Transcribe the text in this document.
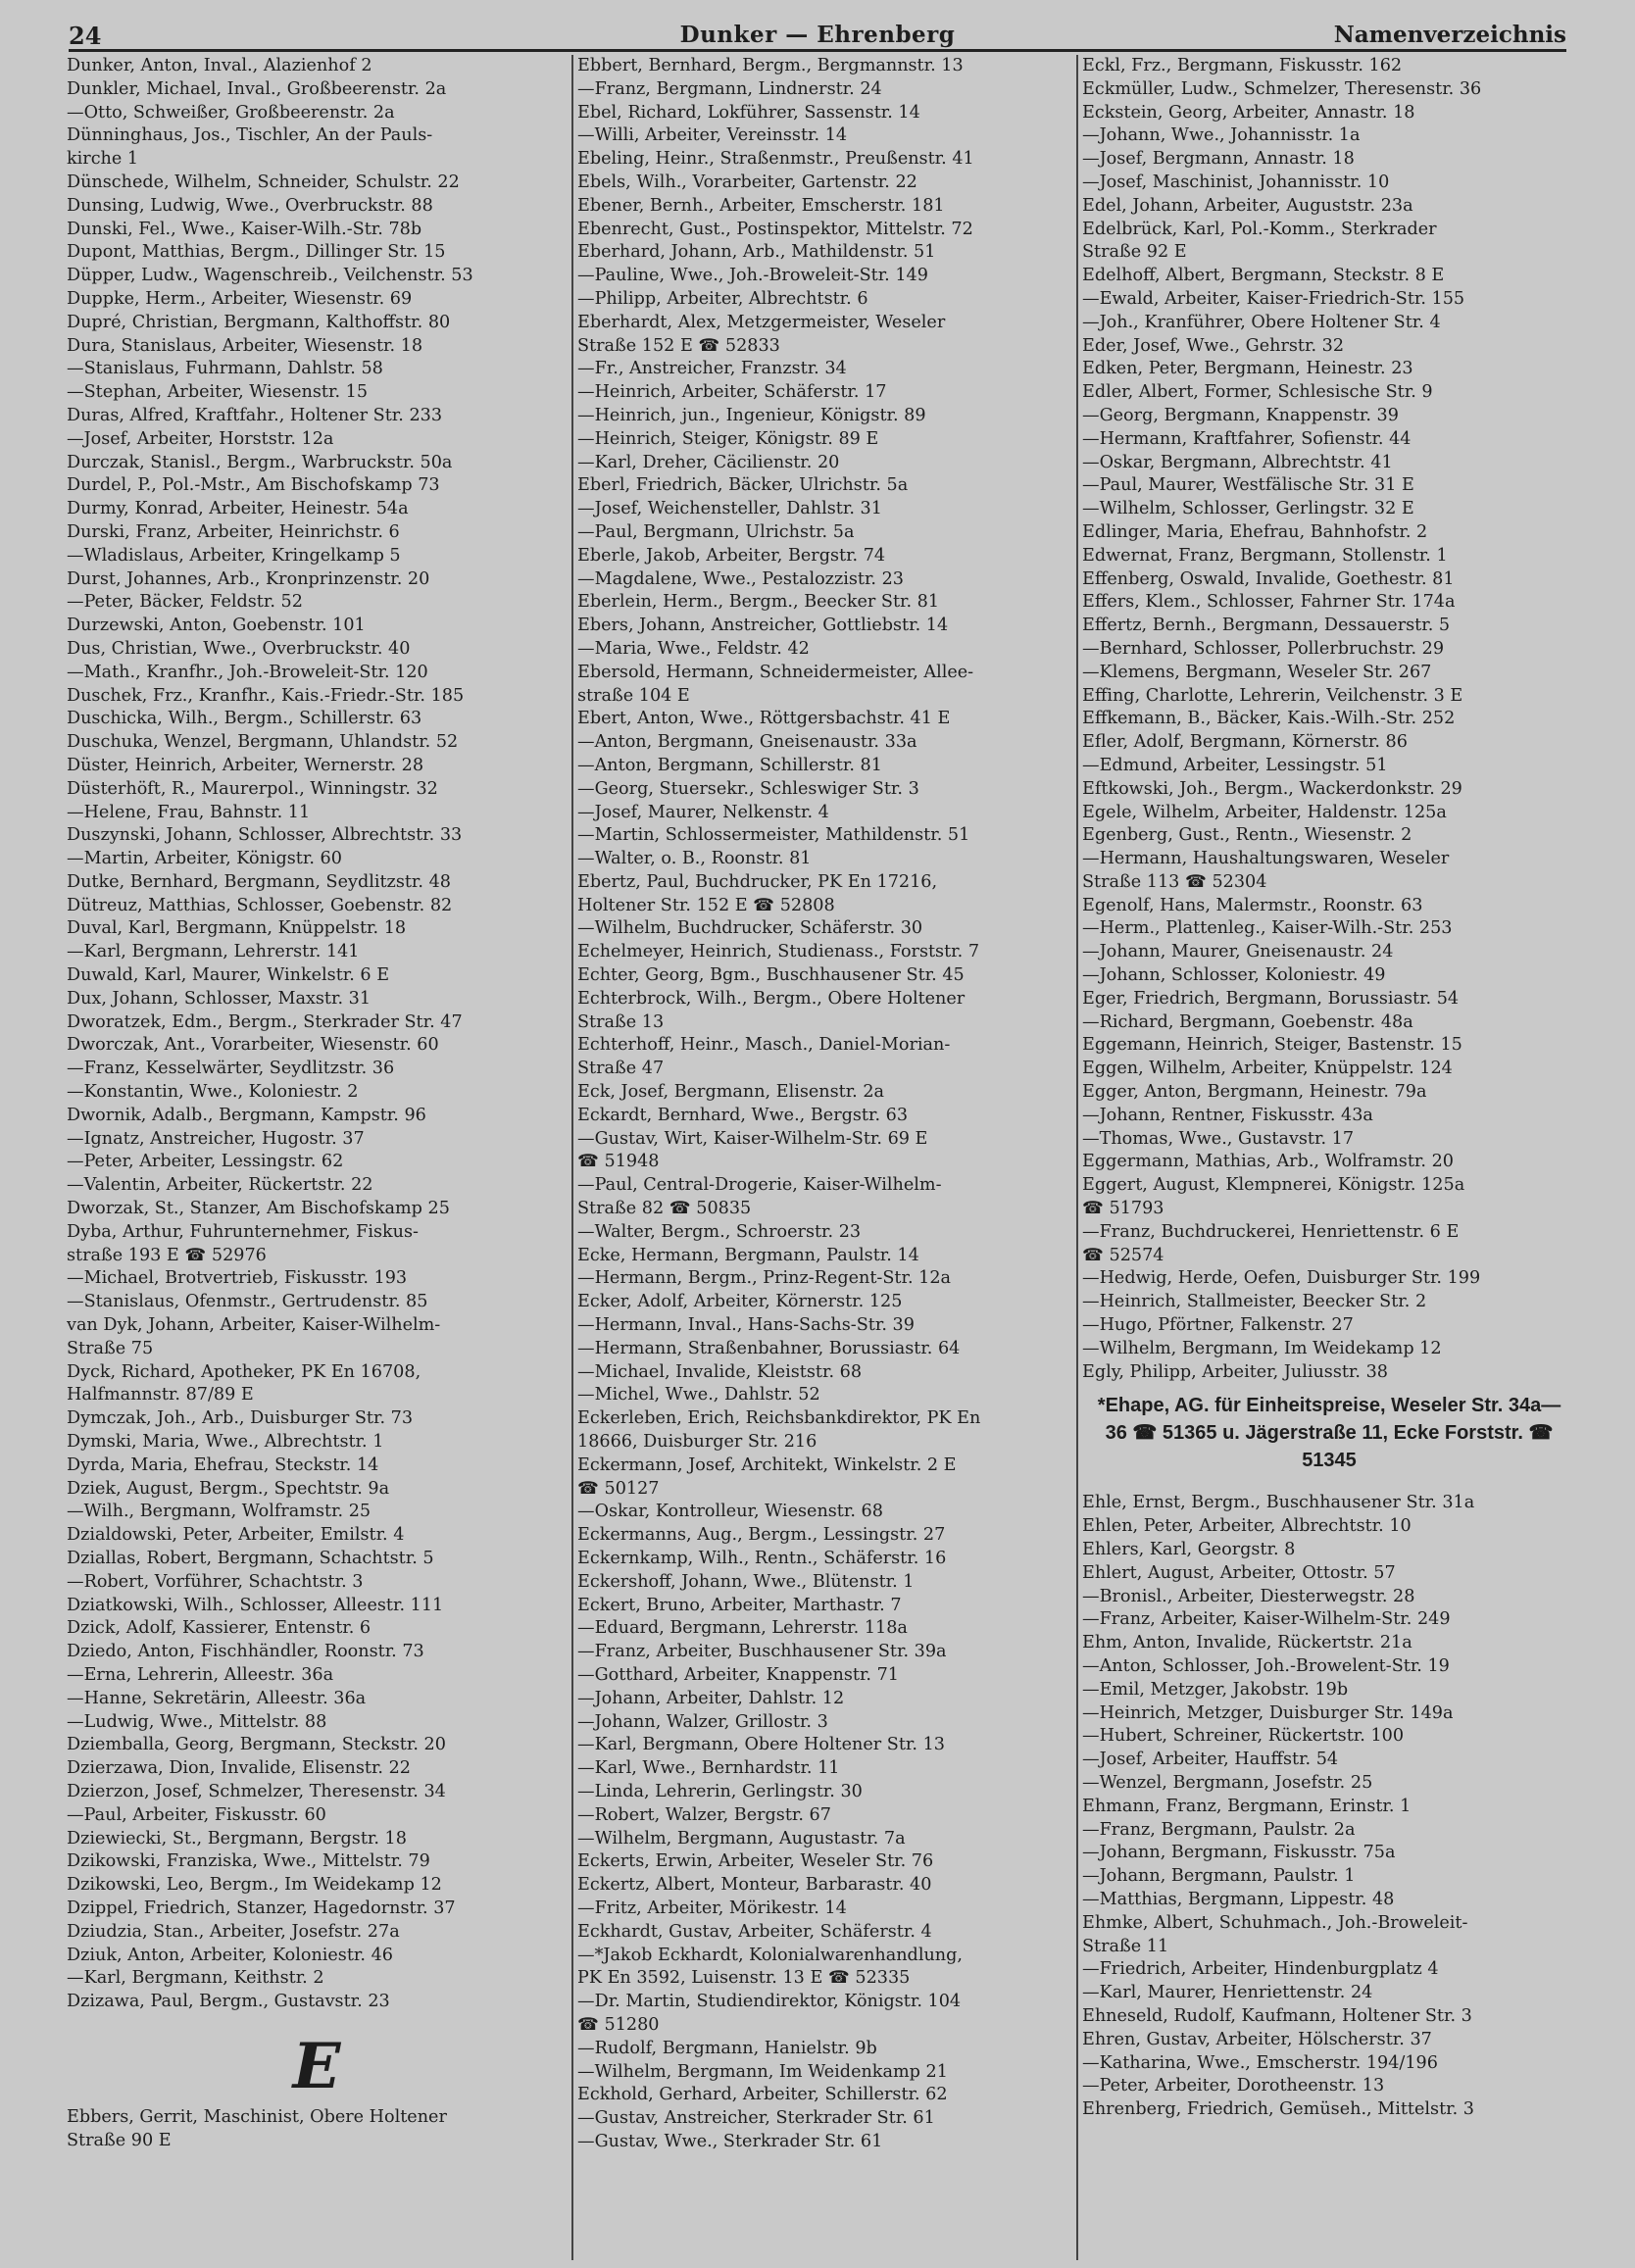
24	Dunker — Ehrenberg	Namenverzeichnis
Dunker, Anton, Inval., Alazienhof 2
Dunkler, Michael, Inval., Großbeerenstr. 2a
—Otto, Schweißer, Großbeerenstr. 2a
Dünninghaus, Jos., Tischler, An der Pauls-
kirche 1
Dünschede, Wilhelm, Schneider, Schulstr. 22
Dunsing, Ludwig, Wwe., Overbruckstr. 88
Dunski, Fel., Wwe., Kaiser-Wilh.-Str. 78b
Dupont, Matthias, Bergm., Dillinger Str. 15
Düpper, Ludw., Wagenschreib., Veilchenstr. 53
Duppke, Herm., Arbeiter, Wiesenstr. 69
Dupré, Christian, Bergmann, Kalthoffstr. 80
Dura, Stanislaus, Arbeiter, Wiesenstr. 18
—Stanislaus, Fuhrmann, Dahlstr. 58
—Stephan, Arbeiter, Wiesenstr. 15
Duras, Alfred, Kraftfahr., Holtener Str. 233
—Josef, Arbeiter, Horststr. 12a
Durczak, Stanisl., Bergm., Warbruckstr. 50a
Durdel, P., Pol.-Mstr., Am Bischofskamp 73
Durmy, Konrad, Arbeiter, Heinestr. 54a
Durski, Franz, Arbeiter, Heinrichstr. 6
—Wladislaus, Arbeiter, Kringelkamp 5
Durst, Johannes, Arb., Kronprinzenstr. 20
—Peter, Bäcker, Feldstr. 52
Durzewski, Anton, Goebenstr. 101
Dus, Christian, Wwe., Overbruckstr. 40
—Math., Kranfhr., Joh.-Broweleit-Str. 120
Duschek, Frz., Kranfhr., Kais.-Friedr.-Str. 185
Duschicka, Wilh., Bergm., Schillerstr. 63
Duschuka, Wenzel, Bergmann, Uhlandstr. 52
Düster, Heinrich, Arbeiter, Wernerstr. 28
Düsterhöft, R., Maurerpol., Winningstr. 32
—Helene, Frau, Bahnstr. 11
Duszynski, Johann, Schlosser, Albrechtstr. 33
—Martin, Arbeiter, Königstr. 60
Dutke, Bernhard, Bergmann, Seydlitzstr. 48
Dütreuz, Matthias, Schlosser, Goebenstr. 82
Duval, Karl, Bergmann, Knüppelstr. 18
—Karl, Bergmann, Lehrerstr. 141
Duwald, Karl, Maurer, Winkelstr. 6 E
Dux, Johann, Schlosser, Maxstr. 31
Dworatzek, Edm., Bergm., Sterkrader Str. 47
Dworczak, Ant., Vorarbeiter, Wiesenstr. 60
—Franz, Kesselwärter, Seydlitzstr. 36
—Konstantin, Wwe., Koloniestr. 2
Dwornik, Adalb., Bergmann, Kampstr. 96
—Ignatz, Anstreicher, Hugostr. 37
—Peter, Arbeiter, Lessingstr. 62
—Valentin, Arbeiter, Rückertstr. 22
Dworzak, St., Stanzer, Am Bischofskamp 25
Dyba, Arthur, Fuhrunternehmer, Fiskus-
straße 193 E ☎ 52976
—Michael, Brotvertrieb, Fiskusstr. 193
—Stanislaus, Ofenmstr., Gertrudenstr. 85
van Dyk, Johann, Arbeiter, Kaiser-Wilhelm-
Straße 75
Dyck, Richard, Apotheker, PK En 16708,
Halfmannstr. 87/89 E
Dymczak, Joh., Arb., Duisburger Str. 73
Dymski, Maria, Wwe., Albrechtstr. 1
Dyrda, Maria, Ehefrau, Steckstr. 14
Dziek, August, Bergm., Spechtstr. 9a
—Wilh., Bergmann, Wolframstr. 25
Dzialdowski, Peter, Arbeiter, Emilstr. 4
Dziallas, Robert, Bergmann, Schachtstr. 5
—Robert, Vorführer, Schachtstr. 3
Dziatkowski, Wilh., Schlosser, Alleestr. 111
Dzick, Adolf, Kassierer, Entenstr. 6
Dziedo, Anton, Fischhändler, Roonstr. 73
—Erna, Lehrerin, Alleestr. 36a
—Hanne, Sekretärin, Alleestr. 36a
—Ludwig, Wwe., Mittelstr. 88
Dziemballa, Georg, Bergmann, Steckstr. 20
Dzierzawa, Dion, Invalide, Elisenstr. 22
Dzierzon, Josef, Schmelzer, Theresenstr. 34
—Paul, Arbeiter, Fiskusstr. 60
Dziewiecki, St., Bergmann, Bergstr. 18
Dzikowski, Franziska, Wwe., Mittelstr. 79
Dzikowski, Leo, Bergm., Im Weidekamp 12
Dzippel, Friedrich, Stanzer, Hagedornstr. 37
Dziudzia, Stan., Arbeiter, Josefstr. 27a
Dziuk, Anton, Arbeiter, Koloniestr. 46
—Karl, Bergmann, Keithstr. 2
Dzizawa, Paul, Bergm., Gustavstr. 23
E
Ebbers, Gerrit, Maschinist, Obere Holtener
Straße 90 E
Ebbert, Bernhard, Bergm., Bergmannstr. 13
—Franz, Bergmann, Lindnerstr. 24
Ebel, Richard, Lokführer, Sassenstr. 14
—Willi, Arbeiter, Vereinsstr. 14
Ebeling, Heinr., Straßenmstr., Preußenstr. 41
Ebels, Wilh., Vorarbeiter, Gartenstr. 22
Ebener, Bernh., Arbeiter, Emscherstr. 181
Ebenrecht, Gust., Postinspektor, Mittelstr. 72
Eberhard, Johann, Arb., Mathildenstr. 51
—Pauline, Wwe., Joh.-Broweleit-Str. 149
—Philipp, Arbeiter, Albrechtstr. 6
Eberhardt, Alex, Metzgermeister, Weseler
Straße 152 E ☎ 52833
—Fr., Anstreicher, Franzstr. 34
—Heinrich, Arbeiter, Schäferstr. 17
—Heinrich, jun., Ingenieur, Königstr. 89
—Heinrich, Steiger, Königstr. 89 E
—Karl, Dreher, Cäcilienstr. 20
Eberl, Friedrich, Bäcker, Ulrichstr. 5a
—Josef, Weichensteller, Dahlstr. 31
—Paul, Bergmann, Ulrichstr. 5a
Eberle, Jakob, Arbeiter, Bergstr. 74
—Magdalene, Wwe., Pestalozzistr. 23
Eberlein, Herm., Bergm., Beecker Str. 81
Ebers, Johann, Anstreicher, Gottliebstr. 14
—Maria, Wwe., Feldstr. 42
Ebersold, Hermann, Schneidermeister, Allee-
straße 104 E
Ebert, Anton, Wwe., Röttgersbachstr. 41 E
—Anton, Bergmann, Gneisenaustr. 33a
—Anton, Bergmann, Schillerstr. 81
—Georg, Stuersekr., Schleswiger Str. 3
—Josef, Maurer, Nelkenstr. 4
—Martin, Schlossermeister, Mathildenstr. 51
—Walter, o. B., Roonstr. 81
Ebertz, Paul, Buchdrucker, PK En 17216,
Holtener Str. 152 E ☎ 52808
—Wilhelm, Buchdrucker, Schäferstr. 30
Echelmeyer, Heinrich, Studienass., Forststr. 7
Echter, Georg, Bgm., Buschhausener Str. 45
Echterbrock, Wilh., Bergm., Obere Holtener
Straße 13
Echterhoff, Heinr., Masch., Daniel-Morian-
Straße 47
Eck, Josef, Bergmann, Elisenstr. 2a
Eckardt, Bernhard, Wwe., Bergstr. 63
—Gustav, Wirt, Kaiser-Wilhelm-Str. 69 E
☎ 51948
—Paul, Central-Drogerie, Kaiser-Wilhelm-
Straße 82 ☎ 50835
—Walter, Bergm., Schroerstr. 23
Ecke, Hermann, Bergmann, Paulstr. 14
—Hermann, Bergm., Prinz-Regent-Str. 12a
Ecker, Adolf, Arbeiter, Körnerstr. 125
—Hermann, Inval., Hans-Sachs-Str. 39
—Hermann, Straßenbahner, Borussiastr. 64
—Michael, Invalide, Kleiststr. 68
—Michel, Wwe., Dahlstr. 52
Eckerleben, Erich, Reichsbankdirektor, PK En
18666, Duisburger Str. 216
Eckermann, Josef, Architekt, Winkelstr. 2 E
☎ 50127
—Oskar, Kontrolleur, Wiesenstr. 68
Eckermanns, Aug., Bergm., Lessingstr. 27
Eckernkamp, Wilh., Rentn., Schäferstr. 16
Eckershoff, Johann, Wwe., Blütenstr. 1
Eckert, Bruno, Arbeiter, Marthastr. 7
—Eduard, Bergmann, Lehrerstr. 118a
—Franz, Arbeiter, Buschhausener Str. 39a
—Gotthard, Arbeiter, Knappenstr. 71
—Johann, Arbeiter, Dahlstr. 12
—Johann, Walzer, Grillostr. 3
—Karl, Bergmann, Obere Holtener Str. 13
—Karl, Wwe., Bernhardstr. 11
—Linda, Lehrerin, Gerlingstr. 30
—Robert, Walzer, Bergstr. 67
—Wilhelm, Bergmann, Augustastr. 7a
Eckerts, Erwin, Arbeiter, Weseler Str. 76
Eckertz, Albert, Monteur, Barbarastr. 40
—Fritz, Arbeiter, Mörikestr. 14
Eckhardt, Gustav, Arbeiter, Schäferstr. 4
—*Jakob Eckhardt, Kolonialwarenhandlung,
PK En 3592, Luisenstr. 13 E ☎ 52335
—Dr. Martin, Studiendirektor, Königstr. 104
☎ 51280
—Rudolf, Bergmann, Hanielstr. 9b
—Wilhelm, Bergmann, Im Weidenkamp 21
Eckhold, Gerhard, Arbeiter, Schillerstr. 62
—Gustav, Anstreicher, Sterkrader Str. 61
—Gustav, Wwe., Sterkrader Str. 61
Eckl, Frz., Bergmann, Fiskusstr. 162
Eckmüller, Ludw., Schmelzer, Theresenstr. 36
Eckstein, Georg, Arbeiter, Annastr. 18
—Johann, Wwe., Johannisstr. 1a
—Josef, Bergmann, Annastr. 18
—Josef, Maschinist, Johannisstr. 10
Edel, Johann, Arbeiter, Auguststr. 23a
Edelbrück, Karl, Pol.-Komm., Sterkrader
Straße 92 E
Edelhoff, Albert, Bergmann, Steckstr. 8 E
—Ewald, Arbeiter, Kaiser-Friedrich-Str. 155
—Joh., Kranführer, Obere Holtener Str. 4
Eder, Josef, Wwe., Gehrstr. 32
Edken, Peter, Bergmann, Heinestr. 23
Edler, Albert, Former, Schlesische Str. 9
—Georg, Bergmann, Knappenstr. 39
—Hermann, Kraftfahrer, Sofienstr. 44
—Oskar, Bergmann, Albrechtstr. 41
—Paul, Maurer, Westfälische Str. 31 E
—Wilhelm, Schlosser, Gerlingstr. 32 E
Edlinger, Maria, Ehefrau, Bahnhofstr. 2
Edwernat, Franz, Bergmann, Stollenstr. 1
Effenberg, Oswald, Invalide, Goethestr. 81
Effers, Klem., Schlosser, Fahrner Str. 174a
Effertz, Bernh., Bergmann, Dessauerstr. 5
—Bernhard, Schlosser, Pollerbruchstr. 29
—Klemens, Bergmann, Weseler Str. 267
Effing, Charlotte, Lehrerin, Veilchenstr. 3 E
Effkemann, B., Bäcker, Kais.-Wilh.-Str. 252
Efler, Adolf, Bergmann, Körnerstr. 86
—Edmund, Arbeiter, Lessingstr. 51
Eftkowski, Joh., Bergm., Wackerdonkstr. 29
Egele, Wilhelm, Arbeiter, Haldenstr. 125a
Egenberg, Gust., Rentn., Wiesenstr. 2
—Hermann, Haushaltungswaren, Weseler
Straße 113 ☎ 52304
Egenolf, Hans, Malermstr., Roonstr. 63
—Herm., Plattenleg., Kaiser-Wilh.-Str. 253
—Johann, Maurer, Gneisenaustr. 24
—Johann, Schlosser, Koloniestr. 49
Eger, Friedrich, Bergmann, Borussiastr. 54
—Richard, Bergmann, Goebenstr. 48a
Eggemann, Heinrich, Steiger, Bastenstr. 15
Eggen, Wilhelm, Arbeiter, Knüppelstr. 124
Egger, Anton, Bergmann, Heinestr. 79a
—Johann, Rentner, Fiskusstr. 43a
—Thomas, Wwe., Gustavstr. 17
Eggermann, Mathias, Arb., Wolframstr. 20
Eggert, August, Klempnerei, Königstr. 125a
☎ 51793
—Franz, Buchdruckerei, Henriettenstr. 6 E
☎ 52574
—Hedwig, Herde, Oefen, Duisburger Str. 199
—Heinrich, Stallmeister, Beecker Str. 2
—Hugo, Pförtner, Falkenstr. 27
—Wilhelm, Bergmann, Im Weidekamp 12
Egly, Philipp, Arbeiter, Juliusstr. 38
*Ehape, AG. für Einheitspreise, Weseler Str. 34a—36 ☎ 51365 u. Jägerstraße 11, Ecke Forststr. ☎ 51345
Ehle, Ernst, Bergm., Buschhausener Str. 31a
Ehlen, Peter, Arbeiter, Albrechtstr. 10
Ehlers, Karl, Georgstr. 8
Ehlert, August, Arbeiter, Ottostr. 57
—Bronisl., Arbeiter, Diesterwegstr. 28
—Franz, Arbeiter, Kaiser-Wilhelm-Str. 249
Ehm, Anton, Invalide, Rückertstr. 21a
—Anton, Schlosser, Joh.-Browelent-Str. 19
—Emil, Metzger, Jakobstr. 19b
—Heinrich, Metzger, Duisburger Str. 149a
—Hubert, Schreiner, Rückertstr. 100
—Josef, Arbeiter, Hauffstr. 54
—Wenzel, Bergmann, Josefstr. 25
Ehmann, Franz, Bergmann, Erinstr. 1
—Franz, Bergmann, Paulstr. 2a
—Johann, Bergmann, Fiskusstr. 75a
—Johann, Bergmann, Paulstr. 1
—Matthias, Bergmann, Lippestr. 48
Ehmke, Albert, Schuhmach., Joh.-Broweleit-
Straße 11
—Friedrich, Arbeiter, Hindenburgplatz 4
—Karl, Maurer, Henriettenstr. 24
Ehneseld, Rudolf, Kaufmann, Holtener Str. 3
Ehren, Gustav, Arbeiter, Hölscherstr. 37
—Katharina, Wwe., Emscherstr. 194/196
—Peter, Arbeiter, Dorotheenstr. 13
Ehrenberg, Friedrich, Gemüseh., Mittelstr. 3
